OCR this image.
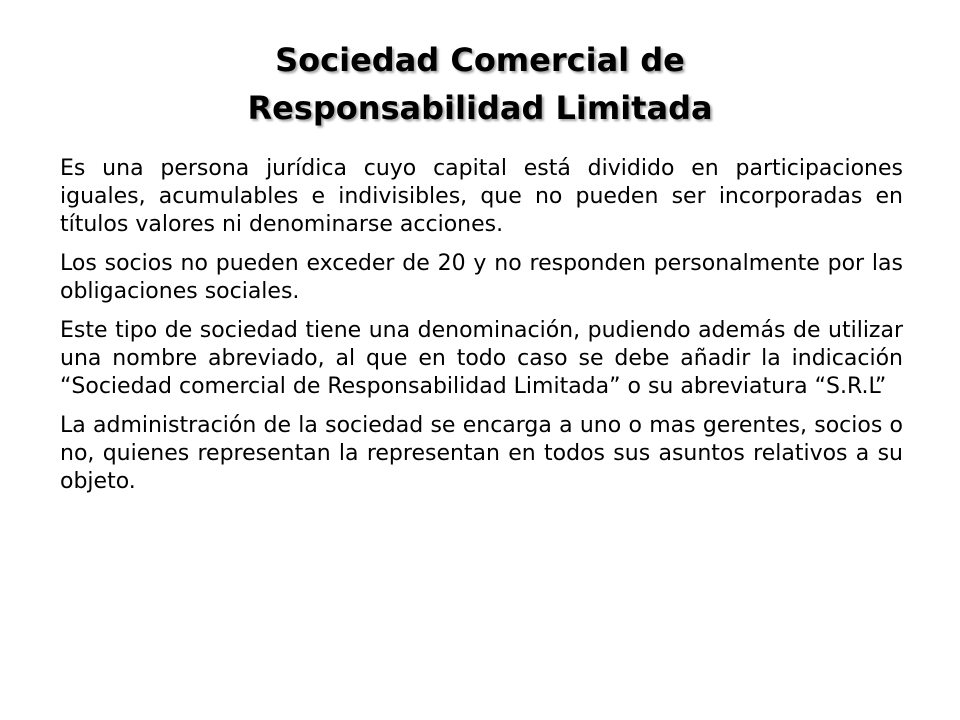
Sociedad Comercial de
Responsabilidad Limitada

Es una persona jurídica cuyo capital está dividido en participaciones iguales, acumulables e indivisibles, que no pueden ser incorporadas en títulos valores ni denominarse acciones.

Los socios no pueden exceder de 20 y no responden personalmente por las obligaciones sociales.

Este tipo de sociedad tiene una denominación, pudiendo además de utilizar una nombre abreviado, al que en todo caso se debe añadir la indicación “Sociedad comercial de Responsabilidad Limitada” o su abreviatura “S.R.L”

La administración de la sociedad se encarga a uno o mas gerentes, socios o no, quienes representan la representan en todos sus asuntos relativos a su objeto.
